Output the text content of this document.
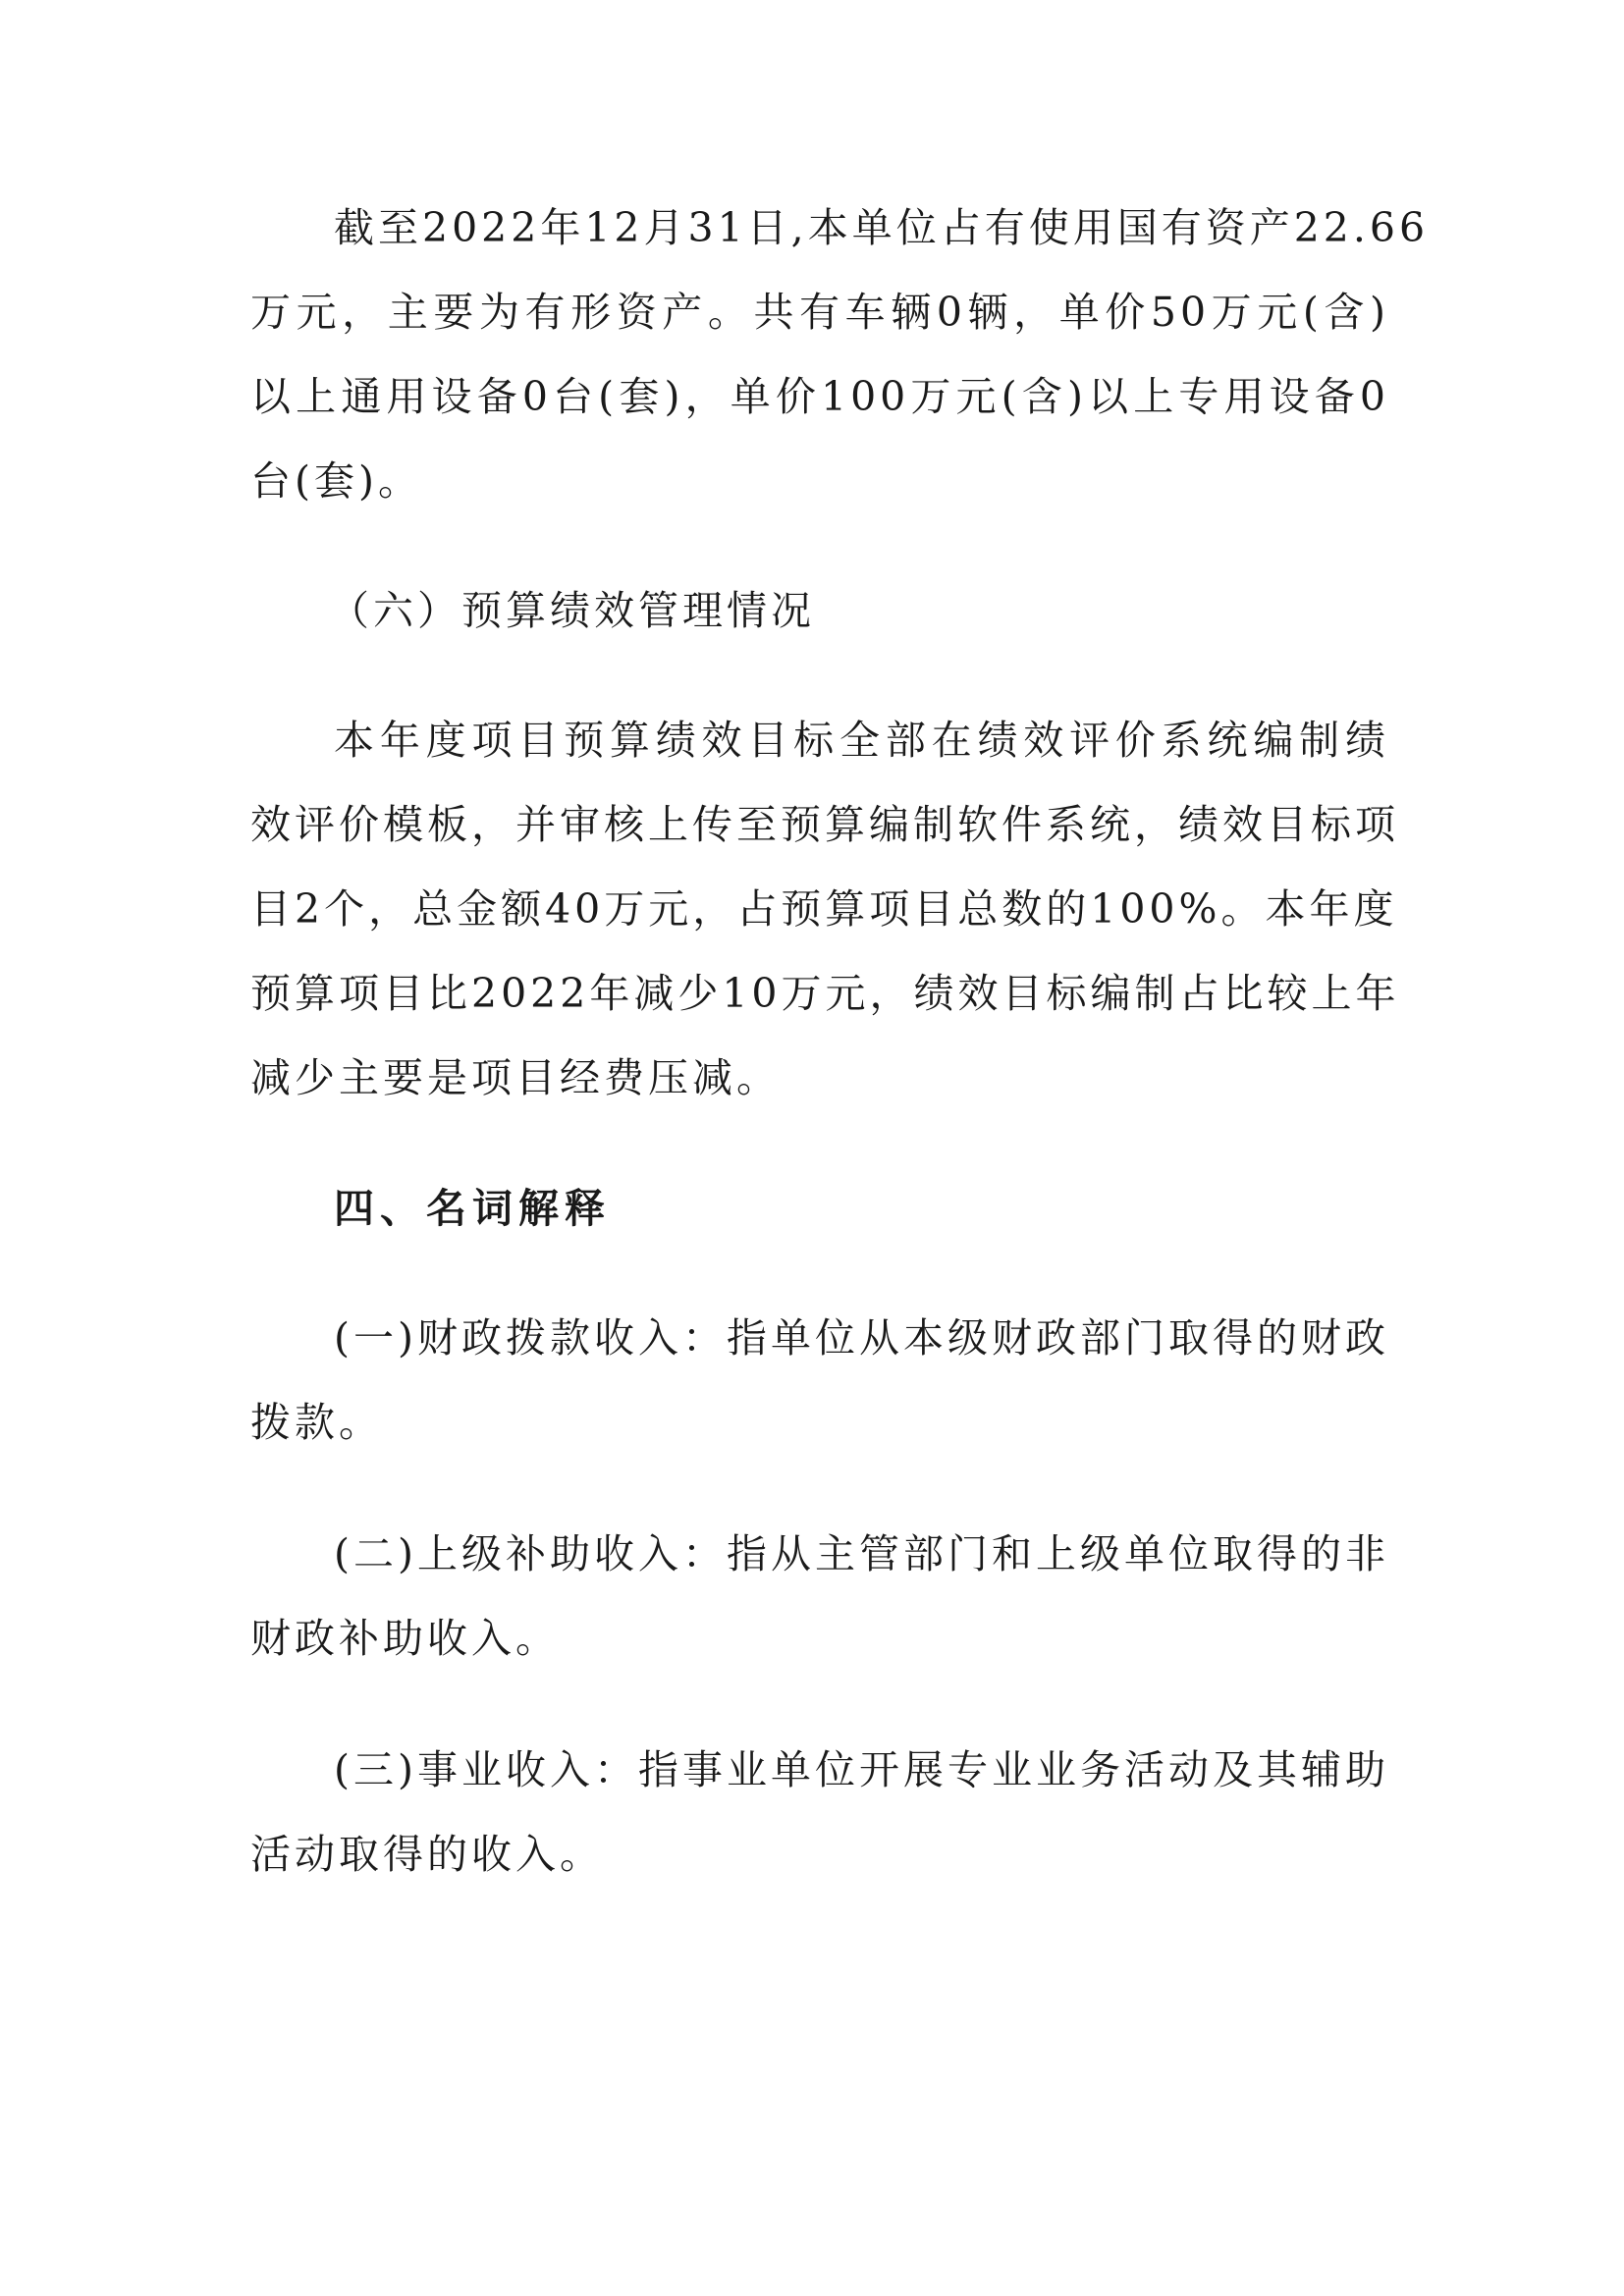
截至2022年12月31日,本单位占有使用国有资产22.66
万元，主要为有形资产。共有车辆0辆，单价50万元(含)
以上通用设备0台(套)，单价100万元(含)以上专用设备0
台(套)。
（六）预算绩效管理情况
本年度项目预算绩效目标全部在绩效评价系统编制绩
效评价模板，并审核上传至预算编制软件系统，绩效目标项
目2个，总金额40万元，占预算项目总数的100%。本年度
预算项目比2022年减少10万元，绩效目标编制占比较上年
减少主要是项目经费压减。
四、名词解释
(一)财政拨款收入：指单位从本级财政部门取得的财政
拨款。
(二)上级补助收入：指从主管部门和上级单位取得的非
财政补助收入。
(三)事业收入：指事业单位开展专业业务活动及其辅助
活动取得的收入。
